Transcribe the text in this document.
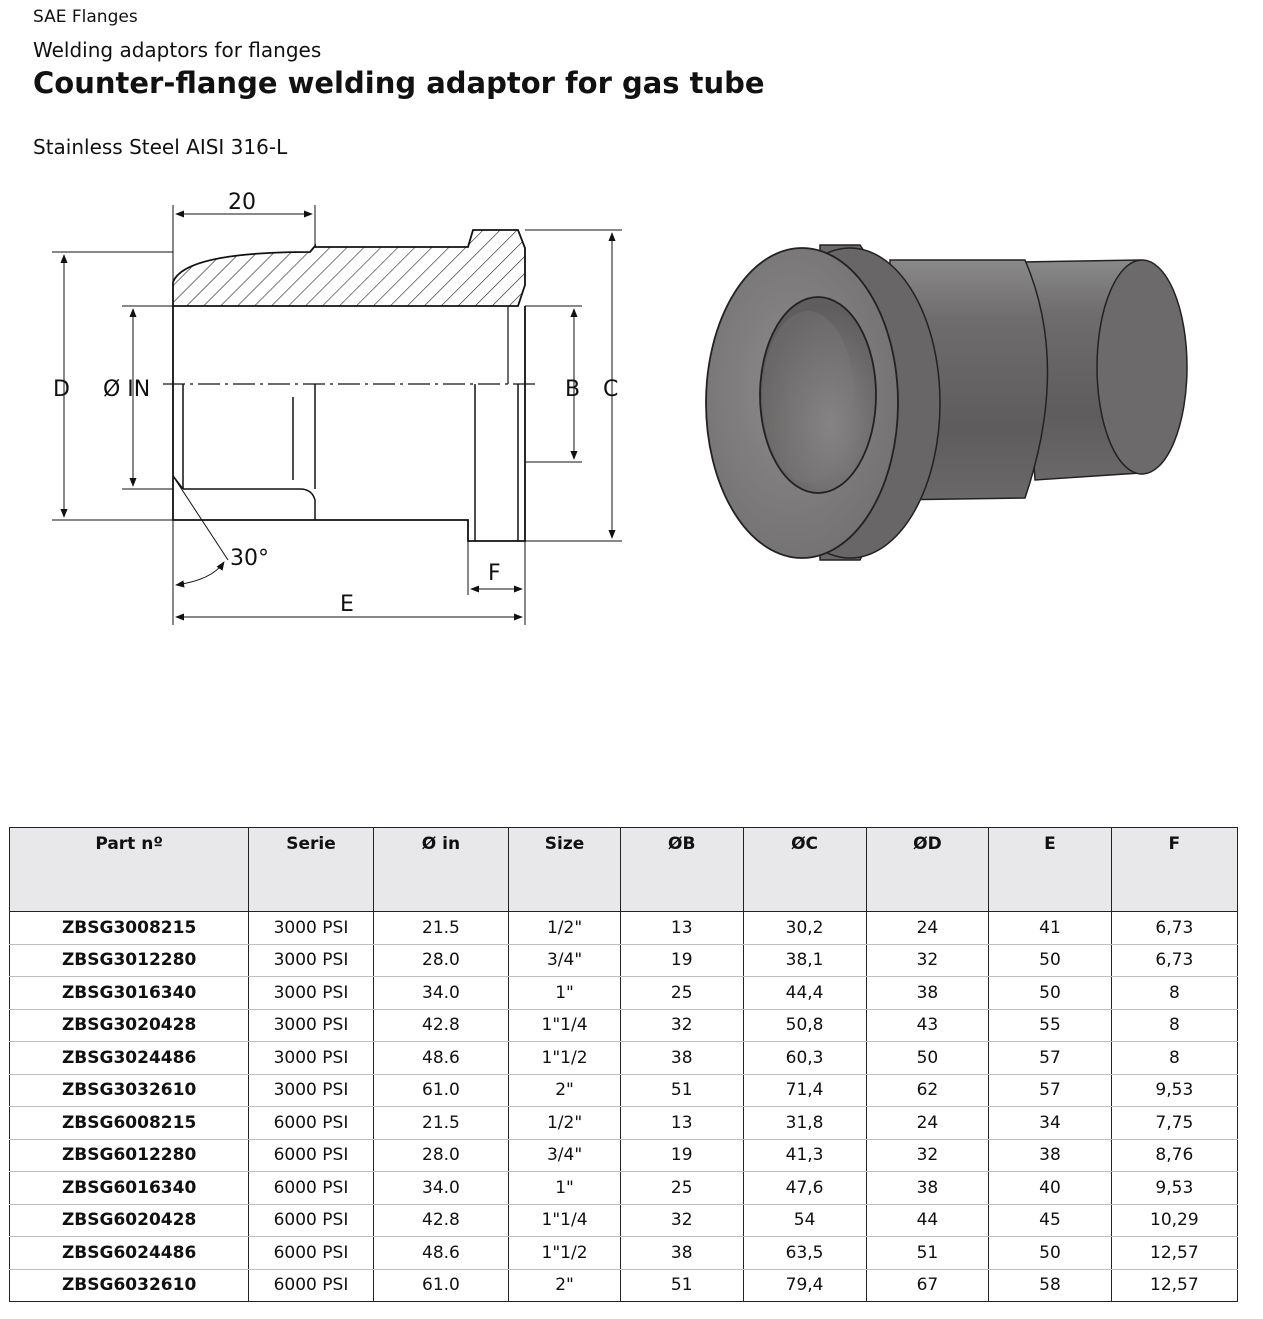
SAE Flanges
Welding adaptors for flanges
Counter-flange welding adaptor for gas tube
Stainless Steel AISI 316-L
20
D Ø IN	B C
30°
E
F
Part nº	Serie	Ø in	Size	ØB	ØC	ØD	E	F
ZBSG3008215	3000 PSI	21.5	1/2"	13	30,2	24	41	6,73
ZBSG3012280	3000 PSI	28.0	3/4"	19	38,1	32	50	6,73
ZBSG3016340	3000 PSI	34.0	1"	25	44,4	38	50	8
ZBSG3020428	3000 PSI	42.8	1"1/4	32	50,8	43	55	8
ZBSG3024486	3000 PSI	48.6	1"1/2	38	60,3	50	57	8
ZBSG3032610	3000 PSI	61.0	2"	51	71,4	62	57	9,53
ZBSG6008215	6000 PSI	21.5	1/2"	13	31,8	24	34	7,75
ZBSG6012280	6000 PSI	28.0	3/4"	19	41,3	32	38	8,76
ZBSG6016340	6000 PSI	34.0	1"	25	47,6	38	40	9,53
ZBSG6020428	6000 PSI	42.8	1"1/4	32	54	44	45	10,29
ZBSG6024486	6000 PSI	48.6	1"1/2	38	63,5	51	50	12,57
ZBSG6032610	6000 PSI	61.0	2"	51	79,4	67	58	12,57
